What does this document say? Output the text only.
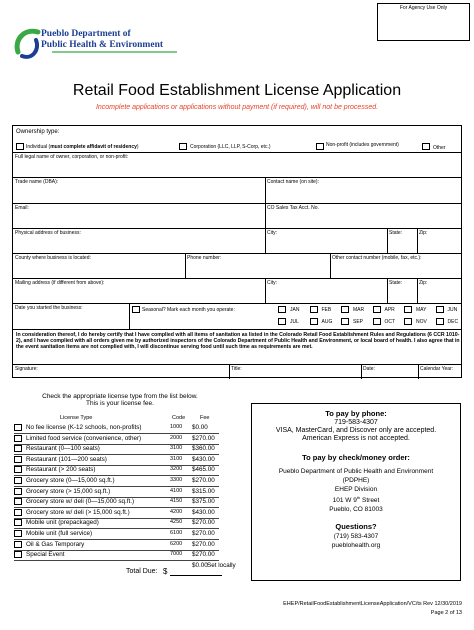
For Agency Use Only
Pueblo Department of
Public Health & Environment
Retail Food Establishment License Application
Incomplete applications or applications without payment (if required), will not be processed.
Ownership type:
Individual (must complete affidavit of residency)	Corporation (LLC, LLP, S-Corp, etc.)	Non-profit (includes government)	Other
Full legal name of owner, corporation, or non-profit:
Trade name (DBA):	Contact name (on site):
Email:	CO Sales Tax Acct. No.
Physical address of business:	City:	State:	Zip:
County where business is located:	Phone number:	Other contact number (mobile, fax, etc.):
Mailing address (if different from above):	City:	State:	Zip:
Date you started the business:	Seasonal? Mark each month you operate:	JAN	FEB	MAR	APR	MAY	JUN
JUL	AUG	SEP	OCT	NOV	DEC
In consideration thereof, I do hereby certify that I have complied with all items of sanitation as listed in the Colorado Retail Food Establishment Rules and Regulations (6 CCR 1010-2), and I have complied with all orders given me by authorized inspectors of the Colorado Department of Public Health and Environment, or local board of health. I also agree that in the event sanitation items are not complied with, I will discontinue serving food until such time as requirements are met.
Signature:	Title:	Date:	Calendar Year:
Check the appropriate license type from the list below.
This is your license fee.
License Type	Code	Fee
No fee license (K-12 schools, non-profits)	1000 $0.00
Limited food service (convenience, other)	2000 $270.00
Restaurant (0—100 seats)	3100 $360.00
Restaurant (101—200 seats)	3100 $430.00
Restaurant (> 200 seats)	3200 $465.00
Grocery store (0—15,000 sq.ft.)	3300 $270.00
Grocery store (> 15,000 sq.ft.)	4100 $315.00
Grocery store w/ deli (0—15,000 sq.ft.)	4150 $375.00
Grocery store w/ deli (> 15,000 sq.ft.)	4200 $430.00
Mobile unit (prepackaged)	4250 $270.00
Mobile unit (full service)	6100 $270.00
Oil & Gas Temporary	6200 $270.00
Special Event	7000 $270.00
$0.00 Set locally
Total Due: $
To pay by phone:
719-583-4307
VISA, MasterCard, and Discover only are accepted.
American Express is not accepted.
To pay by check/money order:
Pueblo Department of Public Health and Environment
(PDPHE)
EHEP Division
101 W 9th Street
Pueblo, CO 81003
Questions?
(719) 583-4307
pueblohealth.org
EHEP/RetailFoodEstablishmentLicenseApplication/VC/ts Rev 12/30/2019
Page 2 of 13
